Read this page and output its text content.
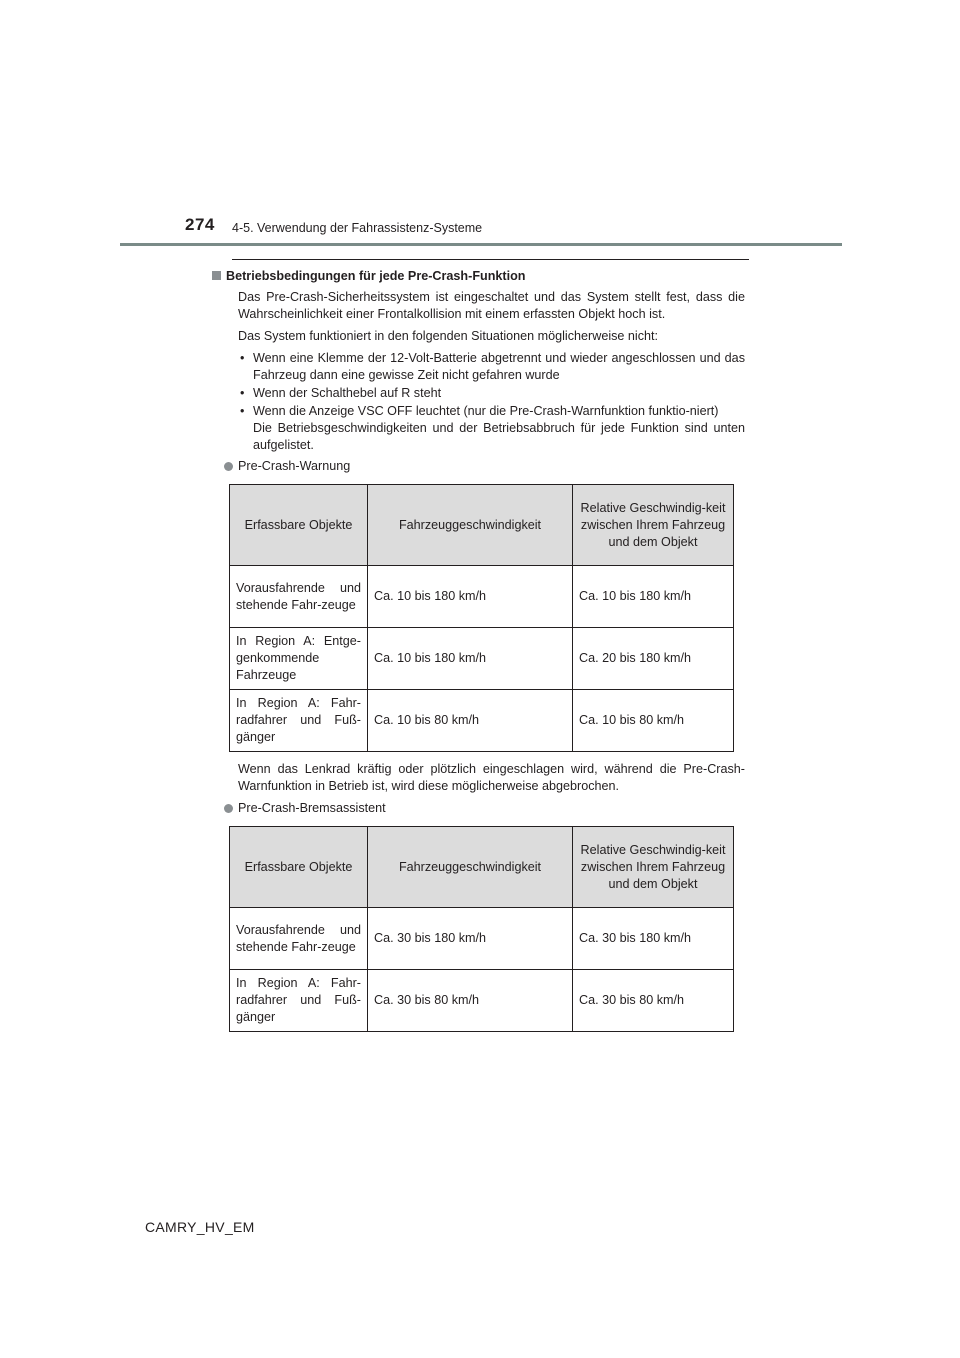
274 4-5. Verwendung der Fahrassistenz-Systeme
Betriebsbedingungen für jede Pre-Crash-Funktion
Das Pre-Crash-Sicherheitssystem ist eingeschaltet und das System stellt fest, dass die Wahrscheinlichkeit einer Frontalkollision mit einem erfassten Objekt hoch ist.
Das System funktioniert in den folgenden Situationen möglicherweise nicht:
• Wenn eine Klemme der 12-Volt-Batterie abgetrennt und wieder angeschlossen und das Fahrzeug dann eine gewisse Zeit nicht gefahren wurde
• Wenn der Schalthebel auf R steht
• Wenn die Anzeige VSC OFF leuchtet (nur die Pre-Crash-Warnfunktion funktio-niert)
Die Betriebsgeschwindigkeiten und der Betriebsabbruch für jede Funktion sind unten aufgelistet.
Pre-Crash-Warnung
Erfassbare Objekte	Fahrzeuggeschwindigkeit	Relative Geschwindig-keit zwischen Ihrem Fahrzeug und dem Objekt
Vorausfahrende und stehende Fahr-zeuge	Ca. 10 bis 180 km/h	Ca. 10 bis 180 km/h
In Region A: Entge-genkommende Fahrzeuge	Ca. 10 bis 180 km/h	Ca. 20 bis 180 km/h
In Region A: Fahr-radfahrer und Fuß-gänger	Ca. 10 bis 80 km/h	Ca. 10 bis 80 km/h
Wenn das Lenkrad kräftig oder plötzlich eingeschlagen wird, während die Pre-Crash-Warnfunktion in Betrieb ist, wird diese möglicherweise abgebrochen.
Pre-Crash-Bremsassistent
Erfassbare Objekte	Fahrzeuggeschwindigkeit	Relative Geschwindig-keit zwischen Ihrem Fahrzeug und dem Objekt
Vorausfahrende und stehende Fahr-zeuge	Ca. 30 bis 180 km/h	Ca. 30 bis 180 km/h
In Region A: Fahr-radfahrer und Fuß-gänger	Ca. 30 bis 80 km/h	Ca. 30 bis 80 km/h
CAMRY_HV_EM
